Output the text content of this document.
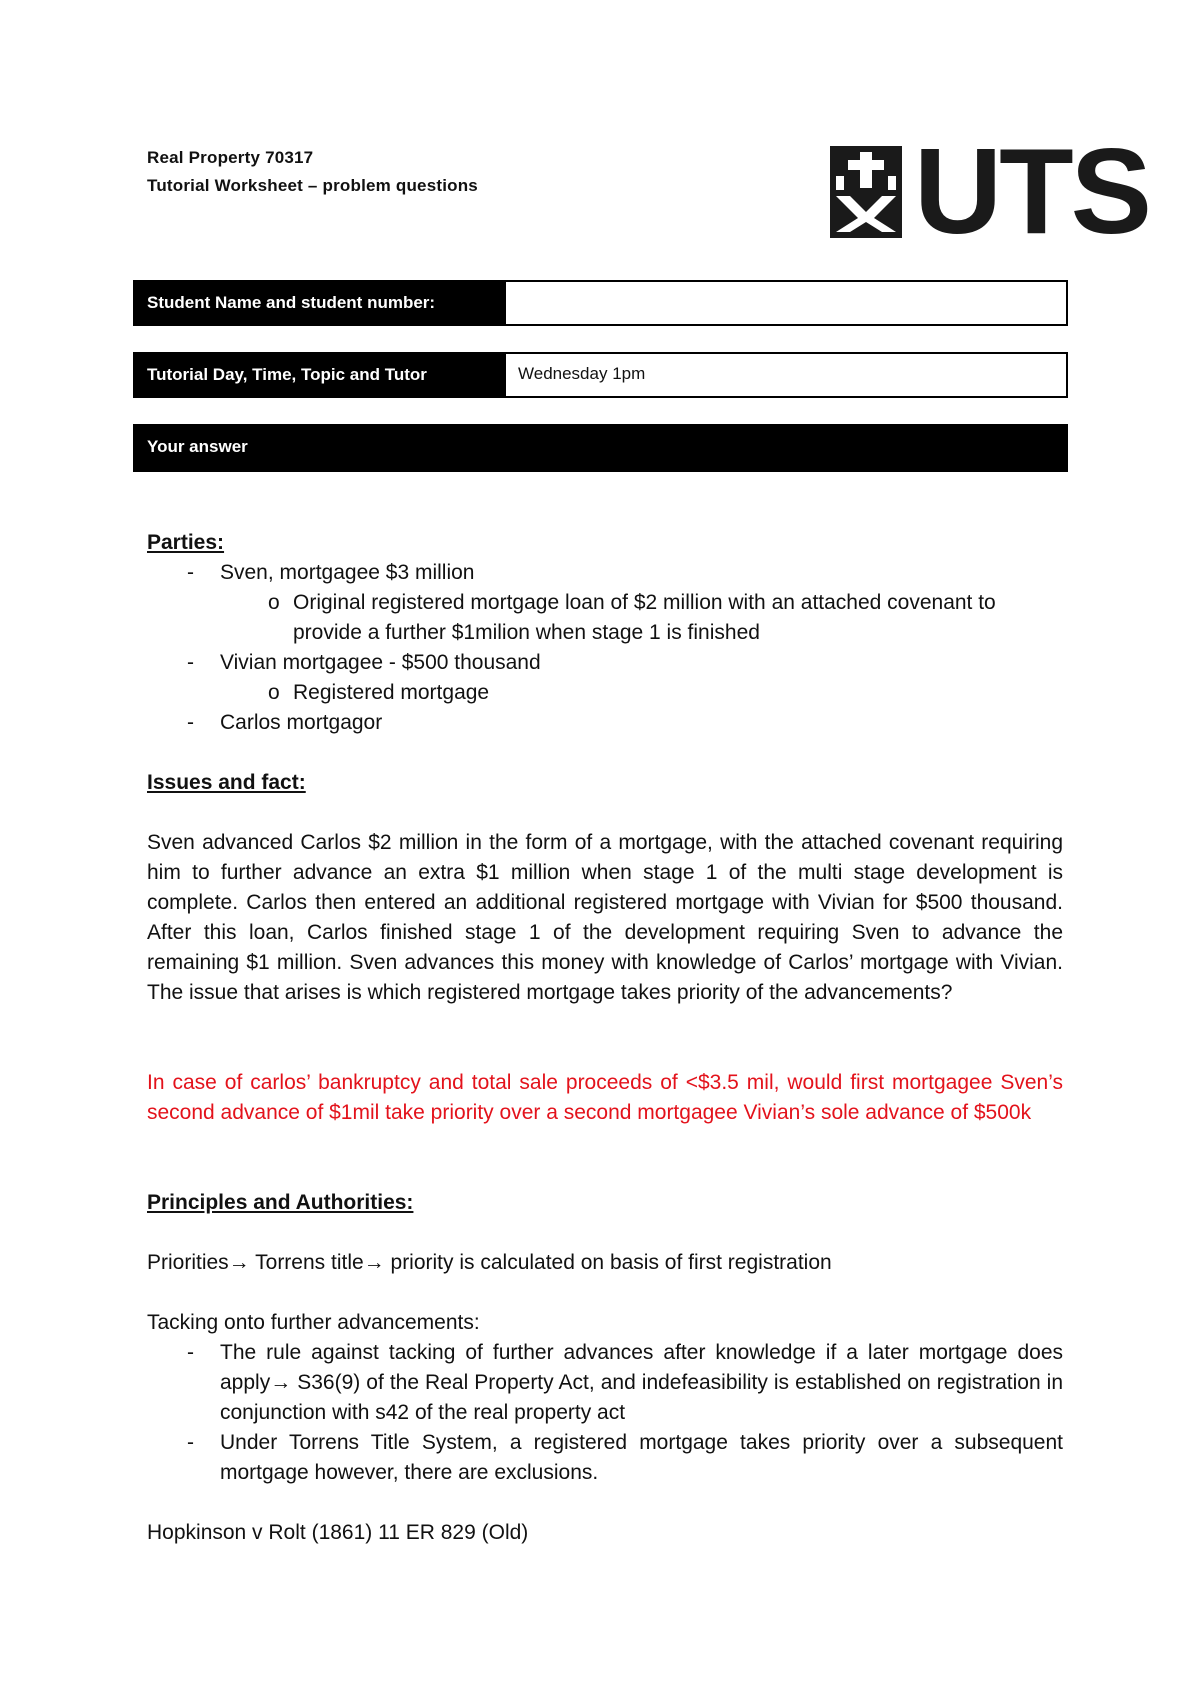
Real Property 70317
Tutorial Worksheet – problem questions	UTS
Student Name and student number:
Tutorial Day, Time, Topic and Tutor	Wednesday 1pm
Your answer
Parties:
- Sven, mortgagee $3 million
o Original registered mortgage loan of $2 million with an attached covenant to provide a further $1milion when stage 1 is finished
- Vivian mortgagee - $500 thousand
o Registered mortgage
- Carlos mortgagor
Issues and fact:
Sven advanced Carlos $2 million in the form of a mortgage, with the attached covenant requiring him to further advance an extra $1 million when stage 1 of the multi stage development is complete. Carlos then entered an additional registered mortgage with Vivian for $500 thousand. After this loan, Carlos finished stage 1 of the development requiring Sven to advance the remaining $1 million. Sven advances this money with knowledge of Carlos’ mortgage with Vivian. The issue that arises is which registered mortgage takes priority of the advancements?
In case of carlos’ bankruptcy and total sale proceeds of <$3.5 mil, would first mortgagee Sven’s second advance of $1mil take priority over a second mortgagee Vivian’s sole advance of $500k
Principles and Authorities:
Priorities→ Torrens title→ priority is calculated on basis of first registration
Tacking onto further advancements:
- The rule against tacking of further advances after knowledge if a later mortgage does apply→ S36(9) of the Real Property Act, and indefeasibility is established on registration in conjunction with s42 of the real property act
- Under Torrens Title System, a registered mortgage takes priority over a subsequent mortgage however, there are exclusions.
Hopkinson v Rolt (1861) 11 ER 829 (Old)
